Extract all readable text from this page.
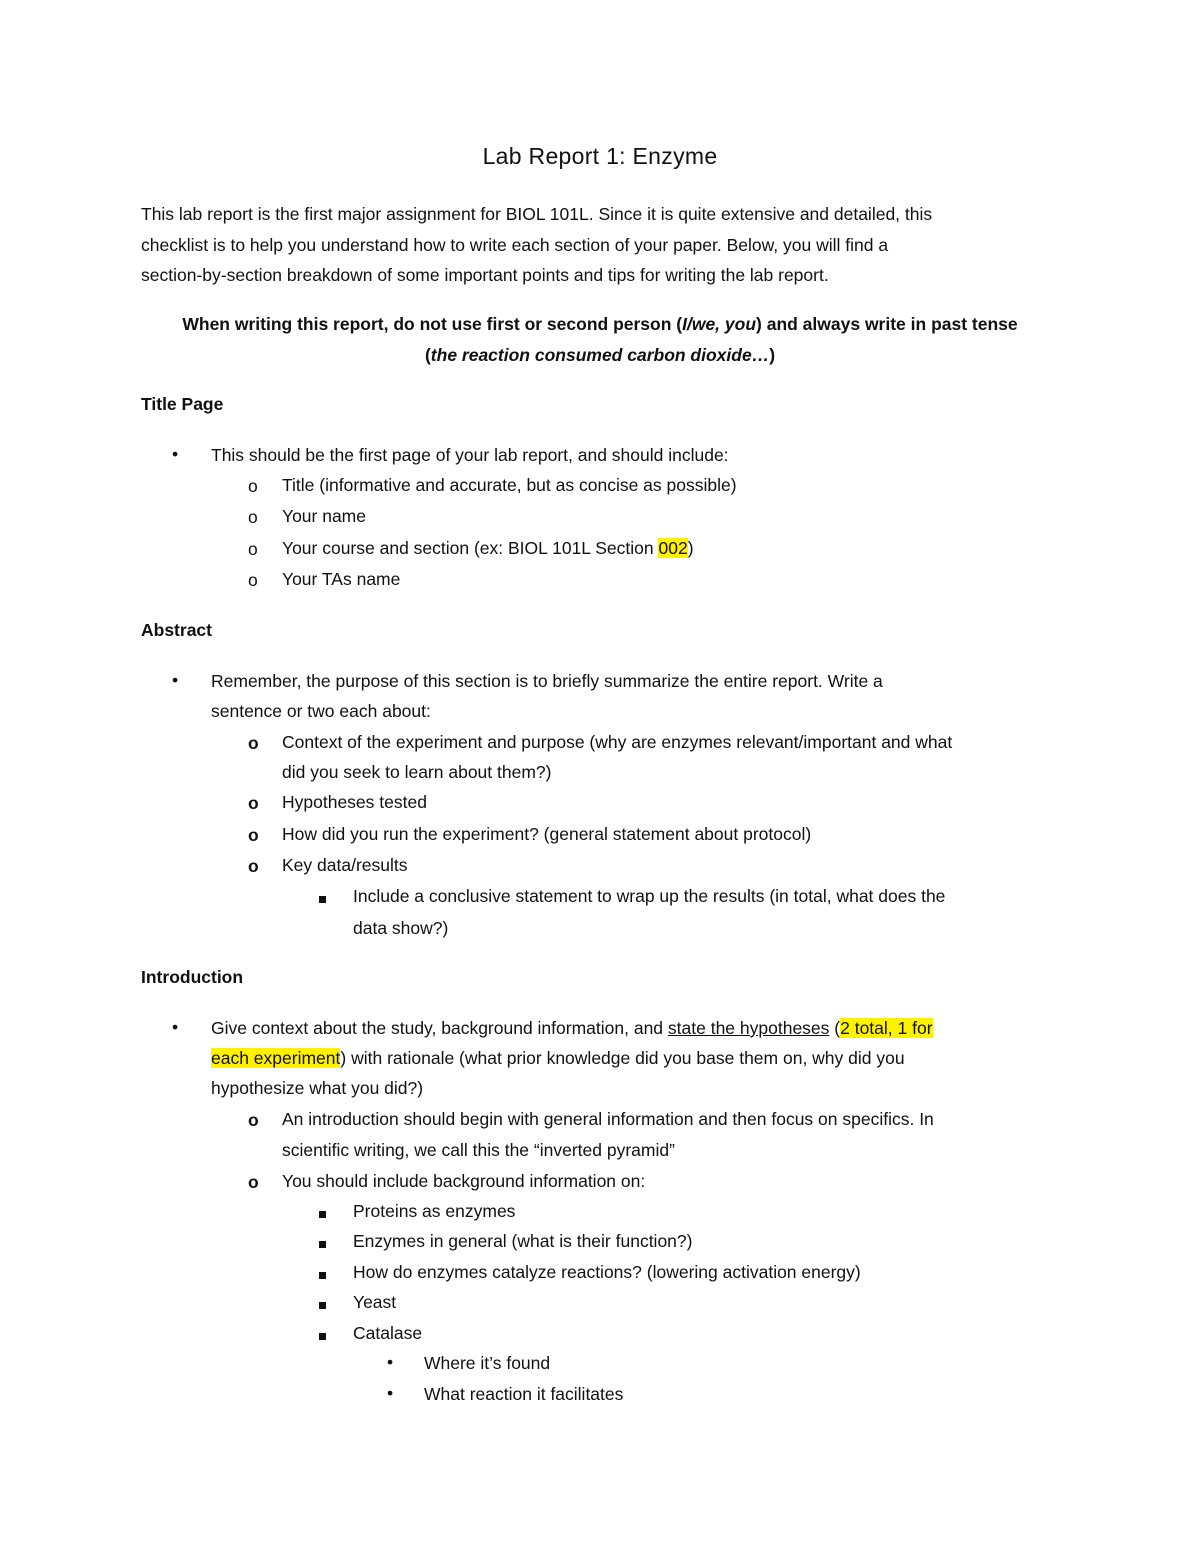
Lab Report 1: Enzyme
This lab report is the first major assignment for BIOL 101L. Since it is quite extensive and detailed, this
checklist is to help you understand how to write each section of your paper. Below, you will find a
section-by-section breakdown of some important points and tips for writing the lab report.
When writing this report, do not use first or second person (I/we, you) and always write in past tense
(the reaction consumed carbon dioxide…)
Title Page
• This should be the first page of your lab report, and should include:
o Title (informative and accurate, but as concise as possible)
o Your name
o Your course and section (ex: BIOL 101L Section 002)
o Your TAs name
Abstract
• Remember, the purpose of this section is to briefly summarize the entire report. Write a
sentence or two each about:
o Context of the experiment and purpose (why are enzymes relevant/important and what
did you seek to learn about them?)
o Hypotheses tested
o How did you run the experiment? (general statement about protocol)
o Key data/results
Include a conclusive statement to wrap up the results (in total, what does the
data show?)
Introduction
• Give context about the study, background information, and state the hypotheses (2 total, 1 for
each experiment) with rationale (what prior knowledge did you base them on, why did you
hypothesize what you did?)
o An introduction should begin with general information and then focus on specifics. In
scientific writing, we call this the “inverted pyramid”
o You should include background information on:
Proteins as enzymes
Enzymes in general (what is their function?)
How do enzymes catalyze reactions? (lowering activation energy)
Yeast
Catalase
• Where it’s found
• What reaction it facilitates
